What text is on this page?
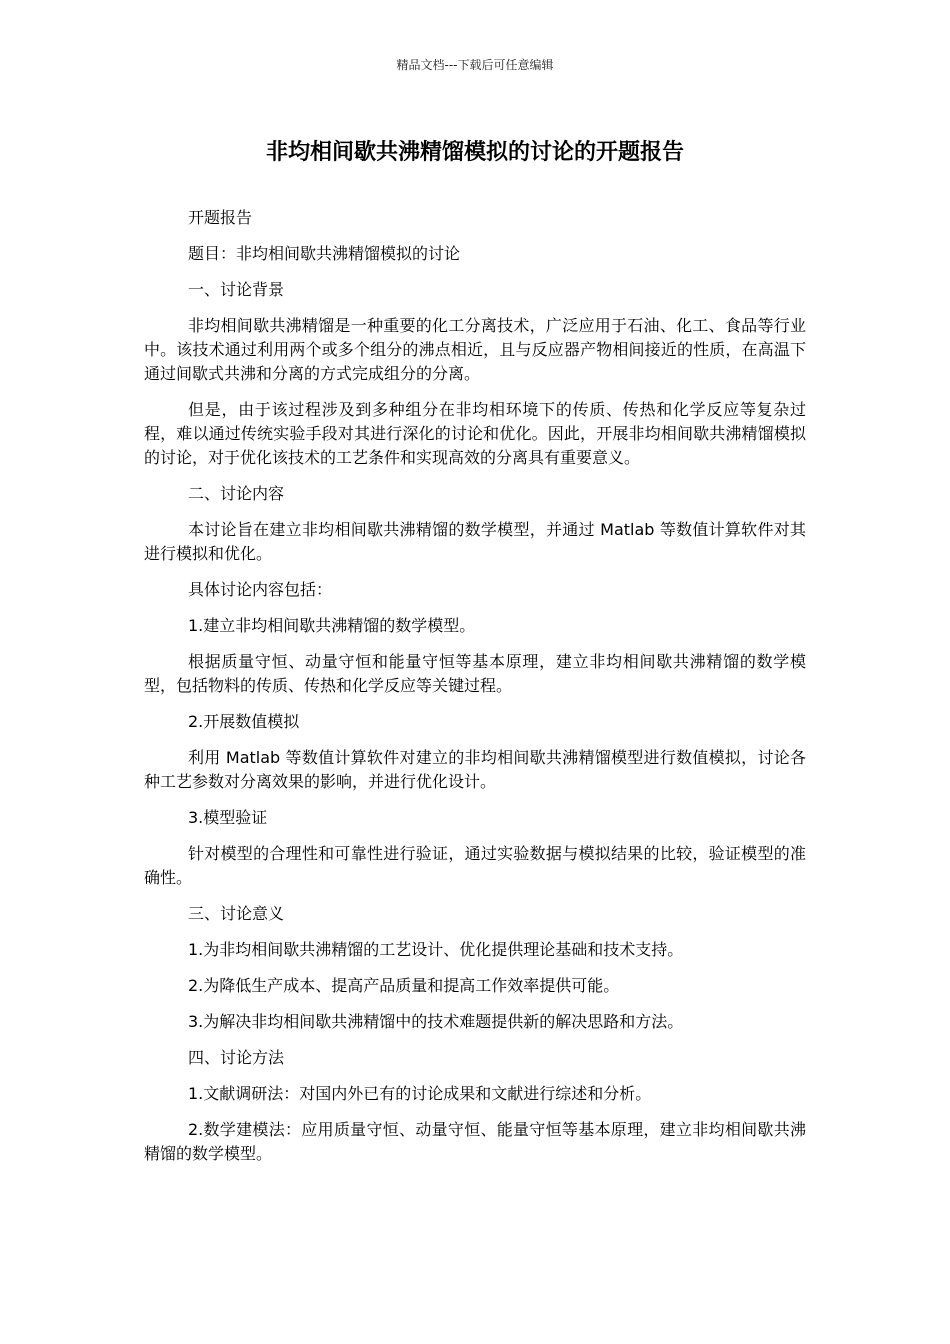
精品文档---下载后可任意编辑
非均相间歇共沸精馏模拟的讨论的开题报告

开题报告

题目：非均相间歇共沸精馏模拟的讨论

一、讨论背景

非均相间歇共沸精馏是一种重要的化工分离技术，广泛应用于石油、化工、食品等行业中。该技术通过利用两个或多个组分的沸点相近，且与反应器产物相间接近的性质，在高温下通过间歇式共沸和分离的方式完成组分的分离。

但是，由于该过程涉及到多种组分在非均相环境下的传质、传热和化学反应等复杂过程，难以通过传统实验手段对其进行深化的讨论和优化。因此，开展非均相间歇共沸精馏模拟的讨论，对于优化该技术的工艺条件和实现高效的分离具有重要意义。

二、讨论内容

本讨论旨在建立非均相间歇共沸精馏的数学模型，并通过 Matlab 等数值计算软件对其进行模拟和优化。

具体讨论内容包括：

1.建立非均相间歇共沸精馏的数学模型。

根据质量守恒、动量守恒和能量守恒等基本原理，建立非均相间歇共沸精馏的数学模型，包括物料的传质、传热和化学反应等关键过程。

2.开展数值模拟

利用 Matlab 等数值计算软件对建立的非均相间歇共沸精馏模型进行数值模拟，讨论各种工艺参数对分离效果的影响，并进行优化设计。

3.模型验证

针对模型的合理性和可靠性进行验证，通过实验数据与模拟结果的比较，验证模型的准确性。

三、讨论意义

1.为非均相间歇共沸精馏的工艺设计、优化提供理论基础和技术支持。

2.为降低生产成本、提高产品质量和提高工作效率提供可能。

3.为解决非均相间歇共沸精馏中的技术难题提供新的解决思路和方法。

四、讨论方法

1.文献调研法：对国内外已有的讨论成果和文献进行综述和分析。

2.数学建模法：应用质量守恒、动量守恒、能量守恒等基本原理，建立非均相间歇共沸精馏的数学模型。
